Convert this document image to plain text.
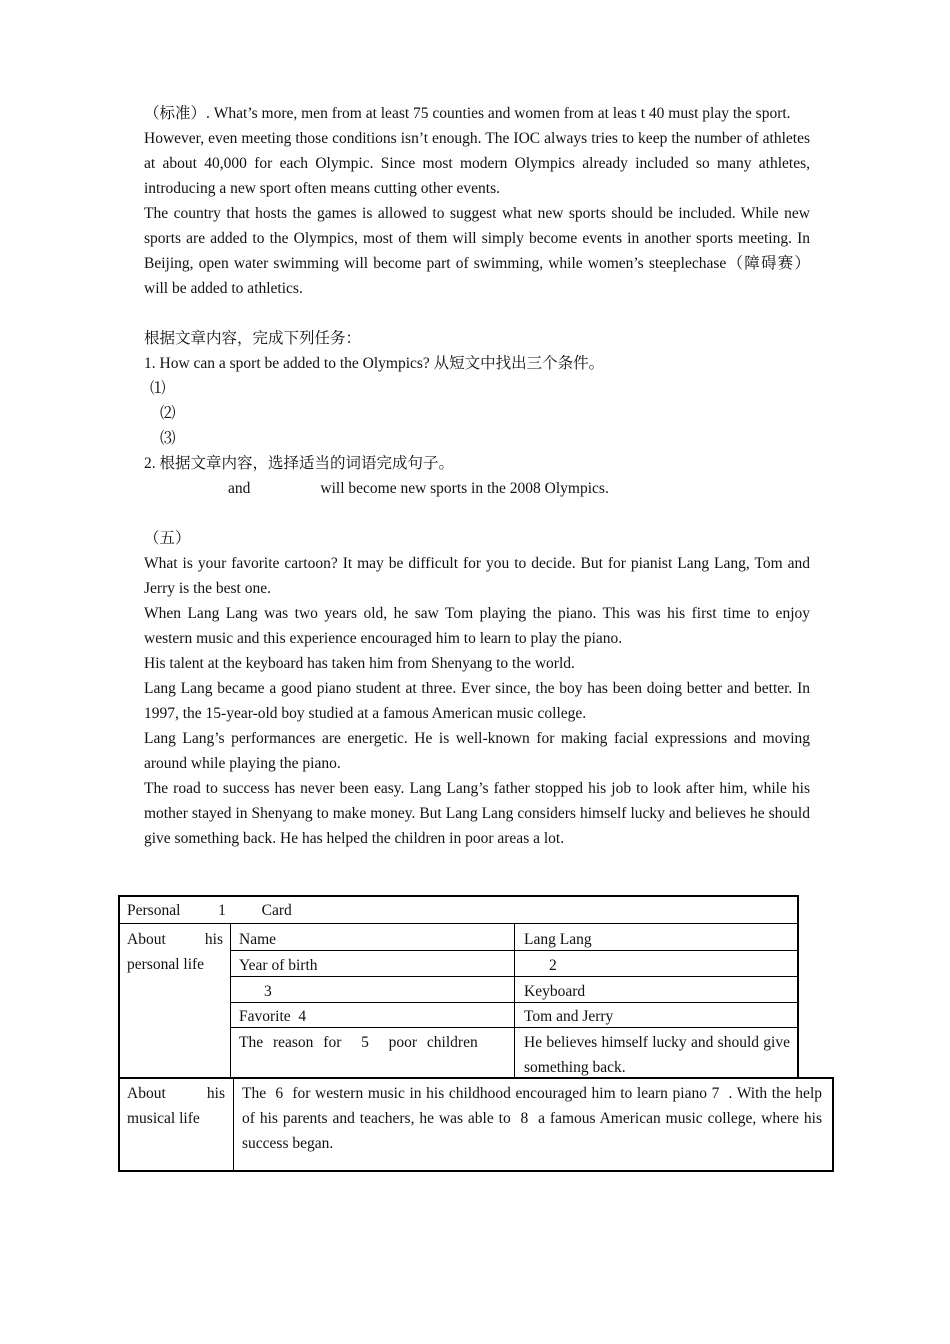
（标准）. What’s more, men from at least 75 counties and women from at leas t 40 must play the sport.

However, even meeting those conditions isn’t enough. The IOC always tries to keep the number of athletes at about 40,000 for each Olympic. Since most modern Olympics already included so many athletes, introducing a new sport often means cutting other events.

The country that hosts the games is allowed to suggest what new sports should be included. While new sports are added to the Olympics, most of them will simply become events in another sports meeting. In Beijing, open water swimming will become part of swimming, while women’s steeplechase（障碍赛）will be added to athletics.

根据文章内容，完成下列任务：

1. How can a sport be added to the Olympics? 从短文中找出三个条件。

⑴

⑵

⑶

2. 根据文章内容，选择适当的词语完成句子。

and	will become new sports in the 2008 Olympics.

（五）

What is your favorite cartoon? It may be difficult for you to decide. But for pianist Lang Lang, Tom and Jerry is the best one.

When Lang Lang was two years old, he saw Tom playing the piano. This was his first time to enjoy western music and this experience encouraged him to learn to play the piano.

His talent at the keyboard has taken him from Shenyang to the world.

Lang Lang became a good piano student at three. Ever since, the boy has been doing better and better. In 1997, the 15-year-old boy studied at a famous American music college.

Lang Lang’s performances are energetic. He is well-known for making facial expressions and moving around while playing the piano.

The road to success has never been easy. Lang Lang’s father stopped his job to look after him, while his mother stayed in Shenyang to make money. But Lang Lang considers himself lucky and believes he should give something back. He has helped the children in poor areas a lot.

Personal 1 Card
About his personal life
Name	Lang Lang
Year of birth	2
3	Keyboard
Favorite  4	Tom and Jerry
The reason for  5  poor children	He believes himself lucky and should give something back.
About his musical life
The  6  for western music in his childhood encouraged him to learn piano 7  . With the help of his parents and teachers, he was able to  8  a famous American music college, where his success began.
